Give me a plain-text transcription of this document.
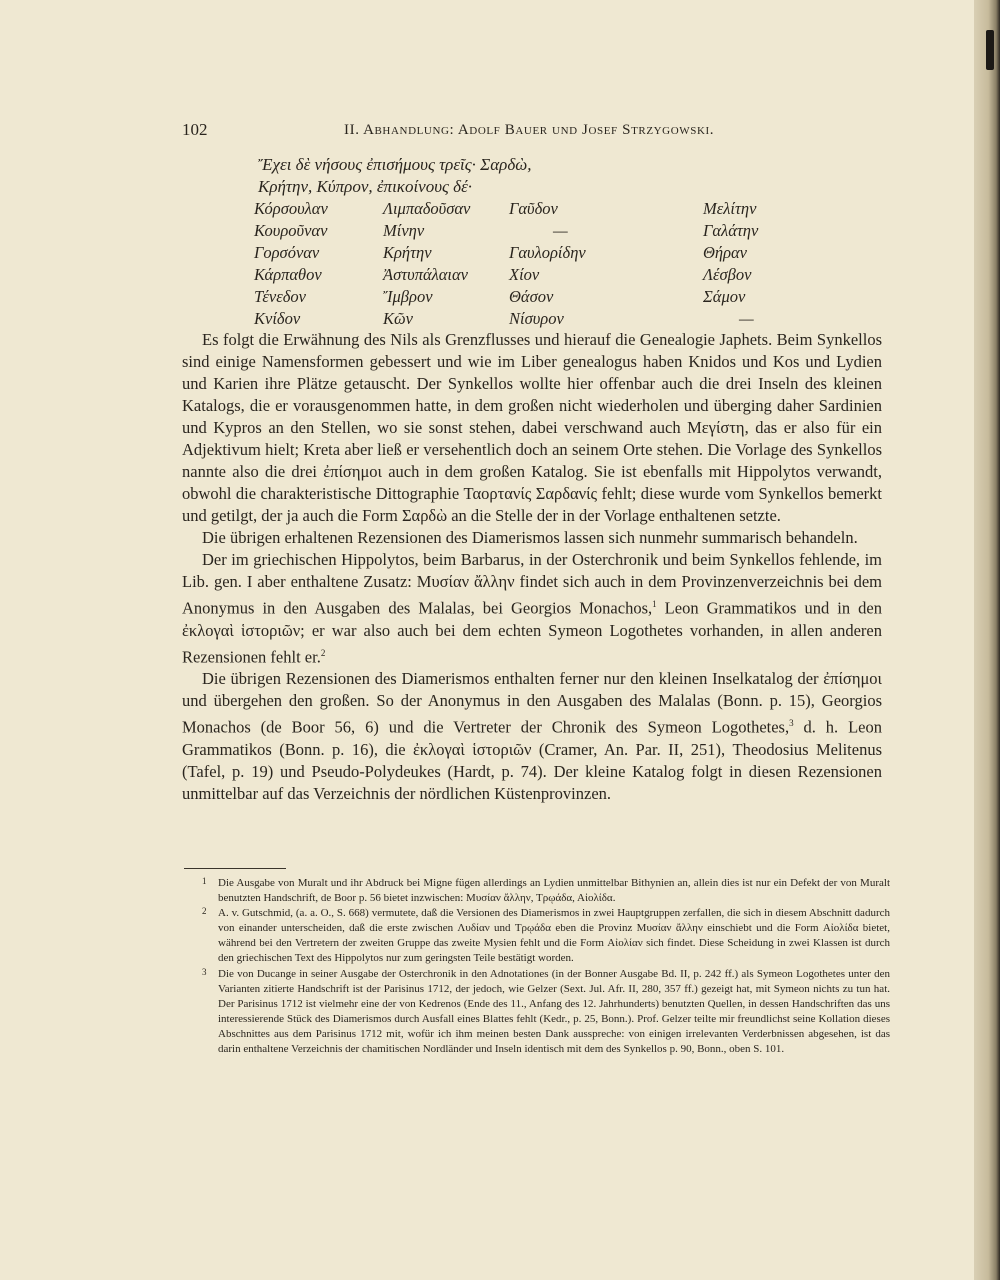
102	II. Abhandlung: Adolf Bauer und Josef Strzygowski.
Ἔχει δὲ νήσους ἐπισήμους τρεῖς· Σαρδὼ,
Κρήτην, Κύπρον, ἐπικοίνους δέ·
Κόρσουλαν	Λιμπαδοῦσαν	Γαῦδον	Μελίτην
Κουροῦναν	Μίνην	—	Γαλάτην
Γορσόναν	Κρήτην	Γαυλορίδην	Θήραν
Κάρπαθον	Ἀστυπάλαιαν	Χίον	Λέσβον
Τένεδον	Ἴμβρον	Θάσον	Σάμον
Κνίδον	Κῶν	Νίσυρον	—

Es folgt die Erwähnung des Nils als Grenzflusses und hierauf die Genealogie Japhets. Beim Synkellos sind einige Namensformen gebessert und wie im Liber genealogus haben Knidos und Kos und Lydien und Karien ihre Plätze getauscht. Der Synkellos wollte hier offenbar auch die drei Inseln des kleinen Katalogs, die er vorausgenommen hatte, in dem großen nicht wiederholen und überging daher Sardinien und Kypros an den Stellen, wo sie sonst stehen, dabei verschwand auch Μεγίστη, das er also für ein Adjektivum hielt; Kreta aber ließ er versehentlich doch an seinem Orte stehen. Die Vorlage des Synkellos nannte also die drei ἐπίσημοι auch in dem großen Katalog. Sie ist ebenfalls mit Hippolytos verwandt, obwohl die charakteristische Dittographie Ταορτανίς Σαρδανίς fehlt; diese wurde vom Synkellos bemerkt und getilgt, der ja auch die Form Σαρδὼ an die Stelle der in der Vorlage enthaltenen setzte.

Die übrigen erhaltenen Rezensionen des Diamerismos lassen sich nunmehr summarisch behandeln.

Der im griechischen Hippolytos, beim Barbarus, in der Osterchronik und beim Synkellos fehlende, im Lib. gen. I aber enthaltene Zusatz: Μυσίαν ἄλλην findet sich auch in dem Provinzenverzeichnis bei dem Anonymus in den Ausgaben des Malalas, bei Georgios Monachos,$^1$ Leon Grammatikos und in den ἐκλογαὶ ἱστοριῶν; er war also auch bei dem echten Symeon Logothetes vorhanden, in allen anderen Rezensionen fehlt er.$^2$

Die übrigen Rezensionen des Diamerismos enthalten ferner nur den kleinen Inselkatalog der ἐπίσημοι und übergehen den großen. So der Anonymus in den Ausgaben des Malalas (Bonn. p. 15), Georgios Monachos (de Boor 56, 6) und die Vertreter der Chronik des Symeon Logothetes,$^3$ d. h. Leon Grammatikos (Bonn. p. 16), die ἐκλογαὶ ἱστοριῶν (Cramer, An. Par. II, 251), Theodosius Melitenus (Tafel, p. 19) und Pseudo-Polydeukes (Hardt, p. 74). Der kleine Katalog folgt in diesen Rezensionen unmittelbar auf das Verzeichnis der nördlichen Küstenprovinzen.

1 Die Ausgabe von Muralt und ihr Abdruck bei Migne fügen allerdings an Lydien unmittelbar Bithynien an, allein dies ist nur ein Defekt der von Muralt benutzten Handschrift, de Boor p. 56 bietet inzwischen: Μυσίαν ἄλλην, Τρῳάδα, Αἰολίδα.
2 A. v. Gutschmid, (a. a. O., S. 668) vermutete, daß die Versionen des Diamerismos in zwei Hauptgruppen zerfallen, die sich in diesem Abschnitt dadurch von einander unterscheiden, daß die erste zwischen Λυδίαν und Τρῳάδα eben die Provinz Μυσίαν ἄλλην einschiebt und die Form Αἰολίδα bietet, während bei den Vertretern der zweiten Gruppe das zweite Mysien fehlt und die Form Αἰολίαν sich findet. Diese Scheidung in zwei Klassen ist durch den griechischen Text des Hippolytos nur zum geringsten Teile bestätigt worden.
3 Die von Ducange in seiner Ausgabe der Osterchronik in den Adnotationes (in der Bonner Ausgabe Bd. II, p. 242 ff.) als Symeon Logothetes unter den Varianten zitierte Handschrift ist der Parisinus 1712, der jedoch, wie Gelzer (Sext. Jul. Afr. II, 280, 357 ff.) gezeigt hat, mit Symeon nichts zu tun hat. Der Parisinus 1712 ist vielmehr eine der von Kedrenos (Ende des 11., Anfang des 12. Jahrhunderts) benutzten Quellen, in dessen Handschriften das uns interessierende Stück des Diamerismos durch Ausfall eines Blattes fehlt (Kedr., p. 25, Bonn.). Prof. Gelzer teilte mir freundlichst seine Kollation dieses Abschnittes aus dem Parisinus 1712 mit, wofür ich ihm meinen besten Dank ausspreche: von einigen irrelevanten Verderbnissen abgesehen, ist das darin enthaltene Verzeichnis der chamitischen Nordländer und Inseln identisch mit dem des Synkellos p. 90, Bonn., oben S. 101.
